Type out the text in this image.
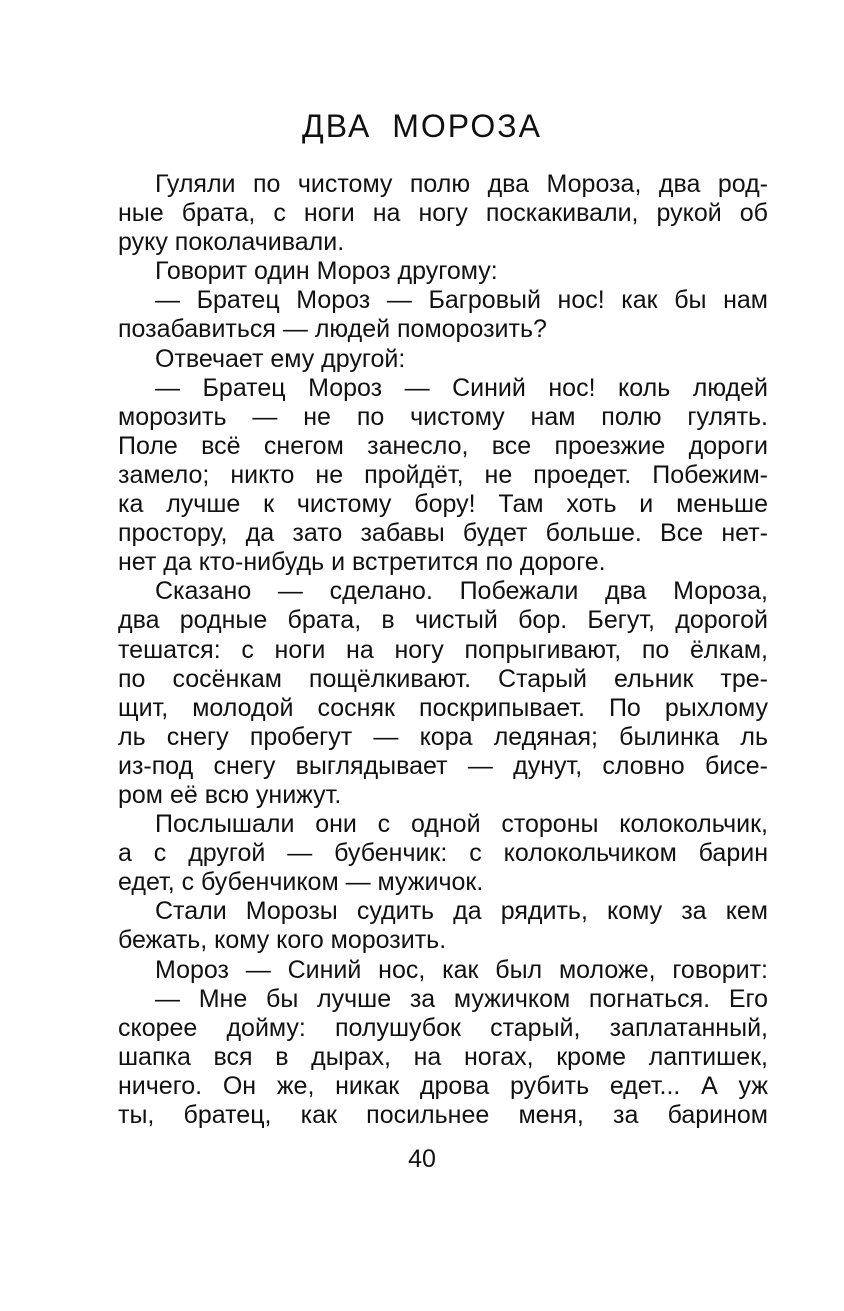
ДВА МОРОЗА
Гуляли по чистому полю два Мороза, два род-
ные брата, с ноги на ногу поскакивали, рукой об
руку поколачивали.
Говорит один Мороз другому:
— Братец Мороз — Багровый нос! как бы нам
позабавиться — людей поморозить?
Отвечает ему другой:
— Братец Мороз — Синий нос! коль людей
морозить — не по чистому нам полю гулять.
Поле всё снегом занесло, все проезжие дороги
замело; никто не пройдёт, не проедет. Побежим-
ка лучше к чистому бору! Там хоть и меньше
простору, да зато забавы будет больше. Все нет-
нет да кто-нибудь и встретится по дороге.
Сказано — сделано. Побежали два Мороза,
два родные брата, в чистый бор. Бегут, дорогой
тешатся: с ноги на ногу попрыгивают, по ёлкам,
по сосёнкам пощёлкивают. Старый ельник тре-
щит, молодой сосняк поскрипывает. По рыхлому
ль снегу пробегут — кора ледяная; былинка ль
из-под снегу выглядывает — дунут, словно бисе-
ром её всю унижут.
Послышали они с одной стороны колокольчик,
а с другой — бубенчик: с колокольчиком барин
едет, с бубенчиком — мужичок.
Стали Морозы судить да рядить, кому за кем
бежать, кому кого морозить.
Мороз — Синий нос, как был моложе, говорит:
— Мне бы лучше за мужичком погнаться. Его
скорее дойму: полушубок старый, заплатанный,
шапка вся в дырах, на ногах, кроме лаптишек,
ничего. Он же, никак дрова рубить едет... А уж
ты, братец, как посильнее меня, за барином
40
